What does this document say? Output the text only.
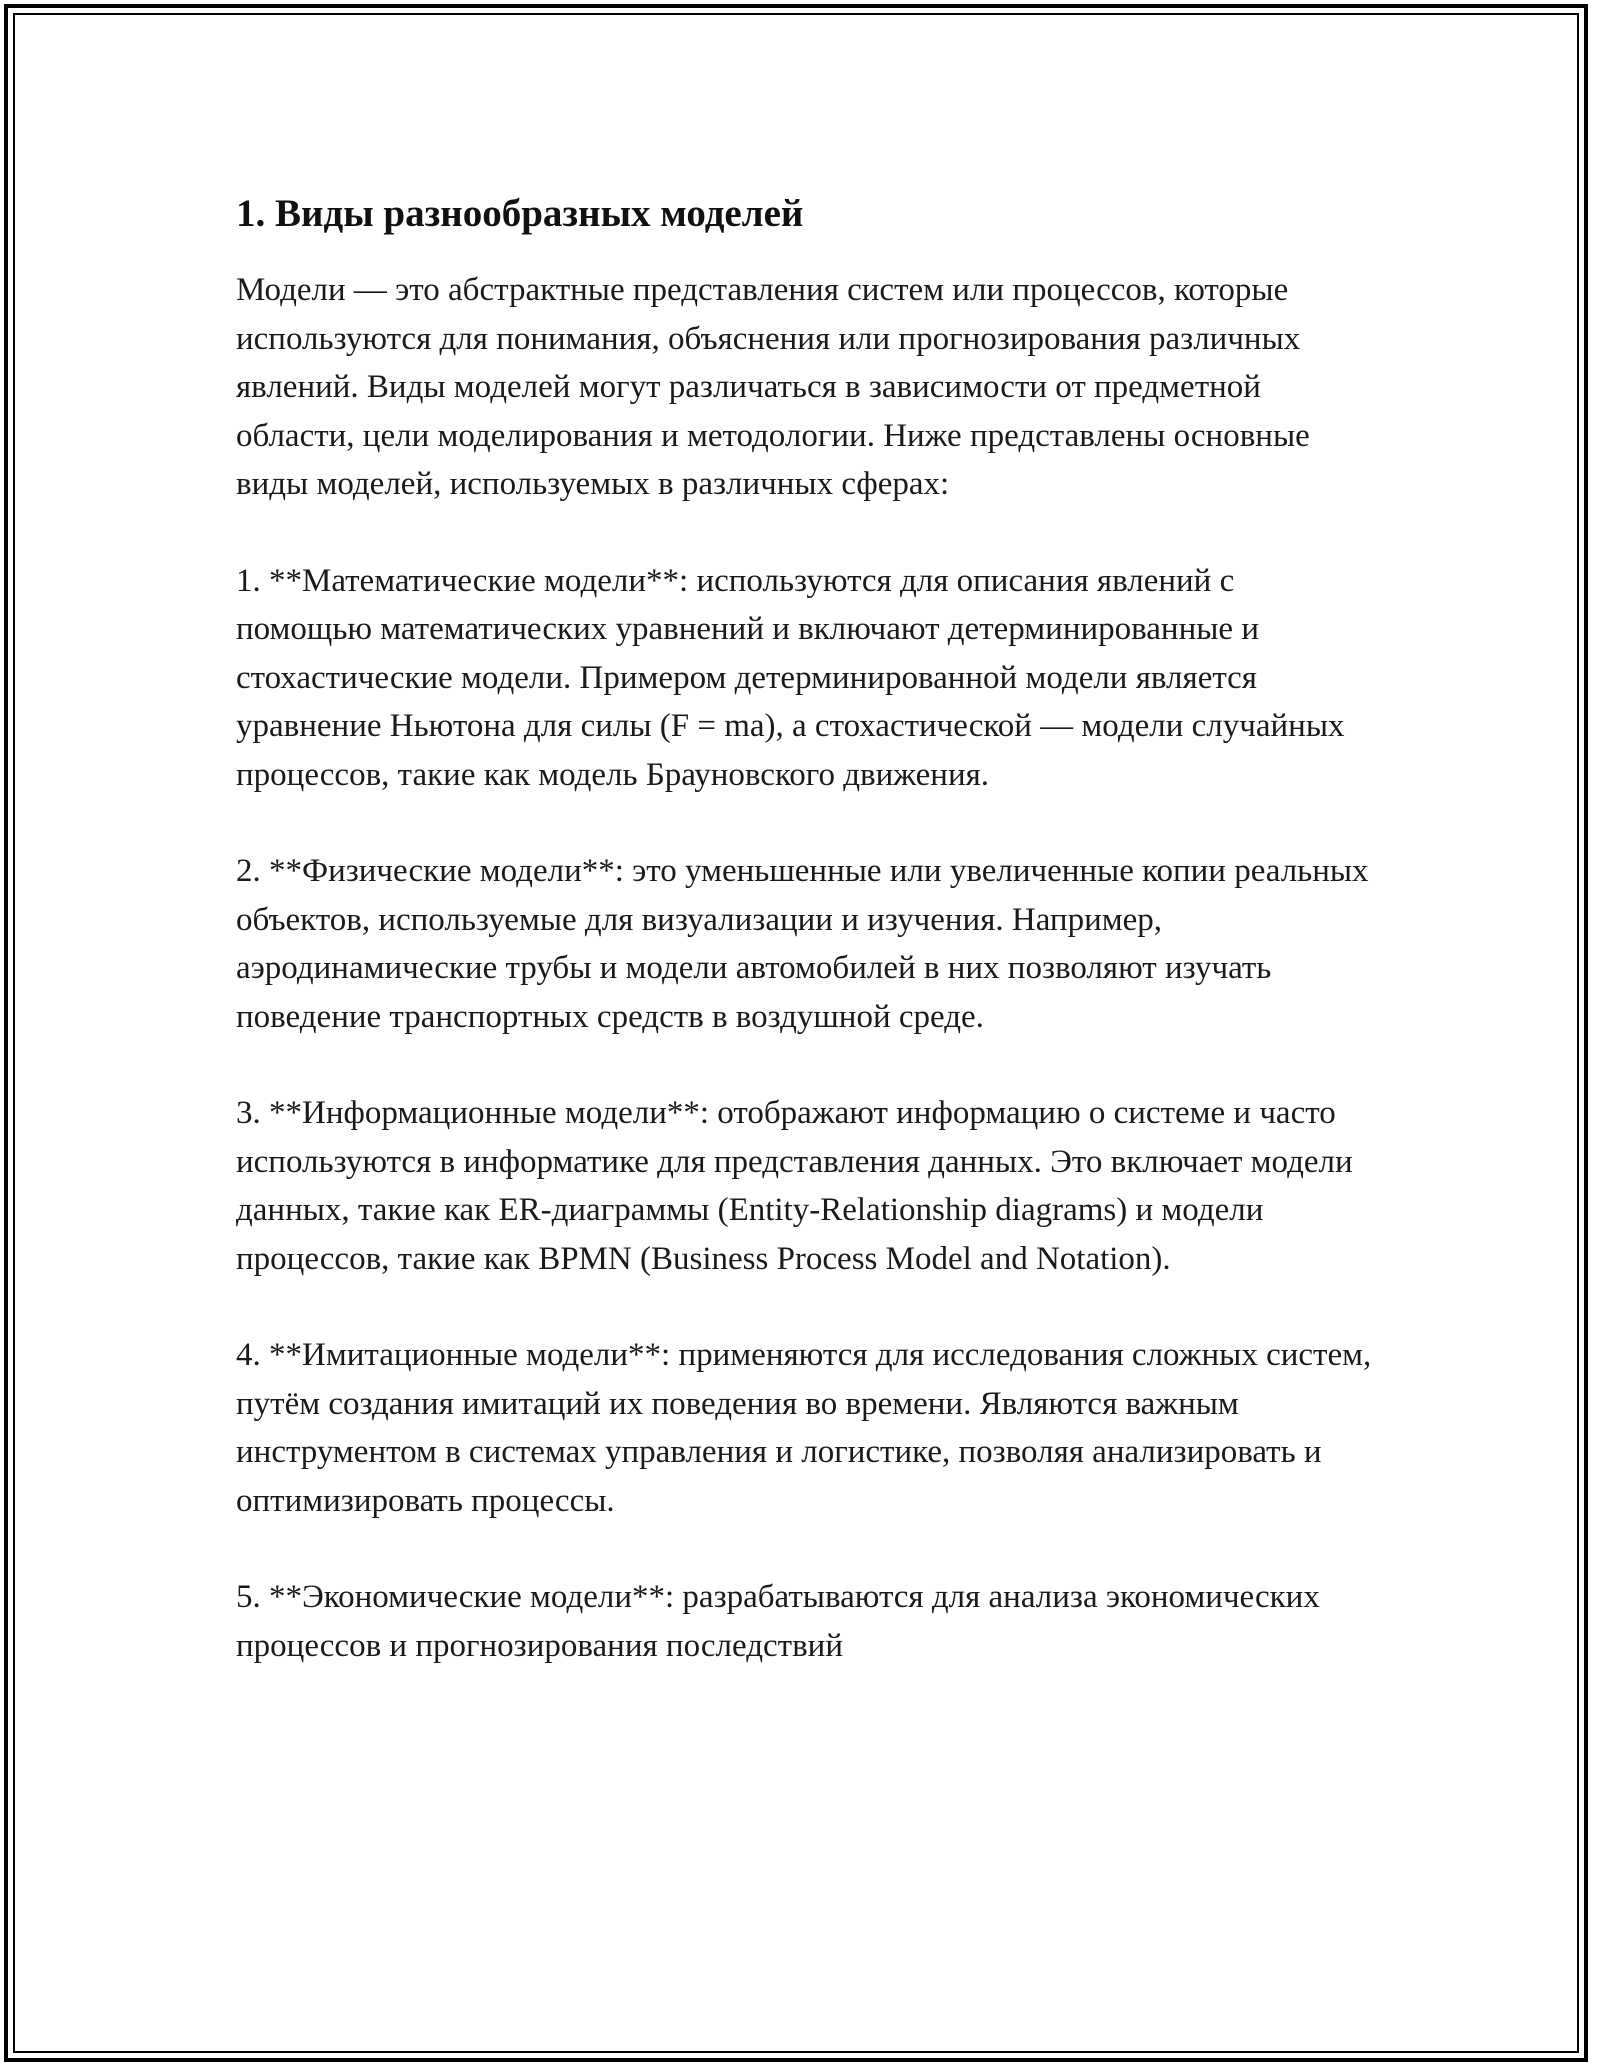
1. Виды разнообразных моделей

Модели — это абстрактные представления систем или процессов, которые используются для понимания, объяснения или прогнозирования различных явлений. Виды моделей могут различаться в зависимости от предметной области, цели моделирования и методологии. Ниже представлены основные виды моделей, используемых в различных сферах:

1. **Математические модели**: используются для описания явлений с помощью математических уравнений и включают детерминированные и стохастические модели. Примером детерминированной модели является уравнение Ньютона для силы (F = ma), а стохастической — модели случайных процессов, такие как модель Брауновского движения.

2. **Физические модели**: это уменьшенные или увеличенные копии реальных объектов, используемые для визуализации и изучения. Например, аэродинамические трубы и модели автомобилей в них позволяют изучать поведение транспортных средств в воздушной среде.

3. **Информационные модели**: отображают информацию о системе и часто используются в информатике для представления данных. Это включает модели данных, такие как ER-диаграммы (Entity-Relationship diagrams) и модели процессов, такие как BPMN (Business Process Model and Notation).

4. **Имитационные модели**: применяются для исследования сложных систем, путём создания имитаций их поведения во времени. Являются важным инструментом в системах управления и логистике, позволяя анализировать и оптимизировать процессы.

5. **Экономические модели**: разрабатываются для анализа экономических процессов и прогнозирования последствий
